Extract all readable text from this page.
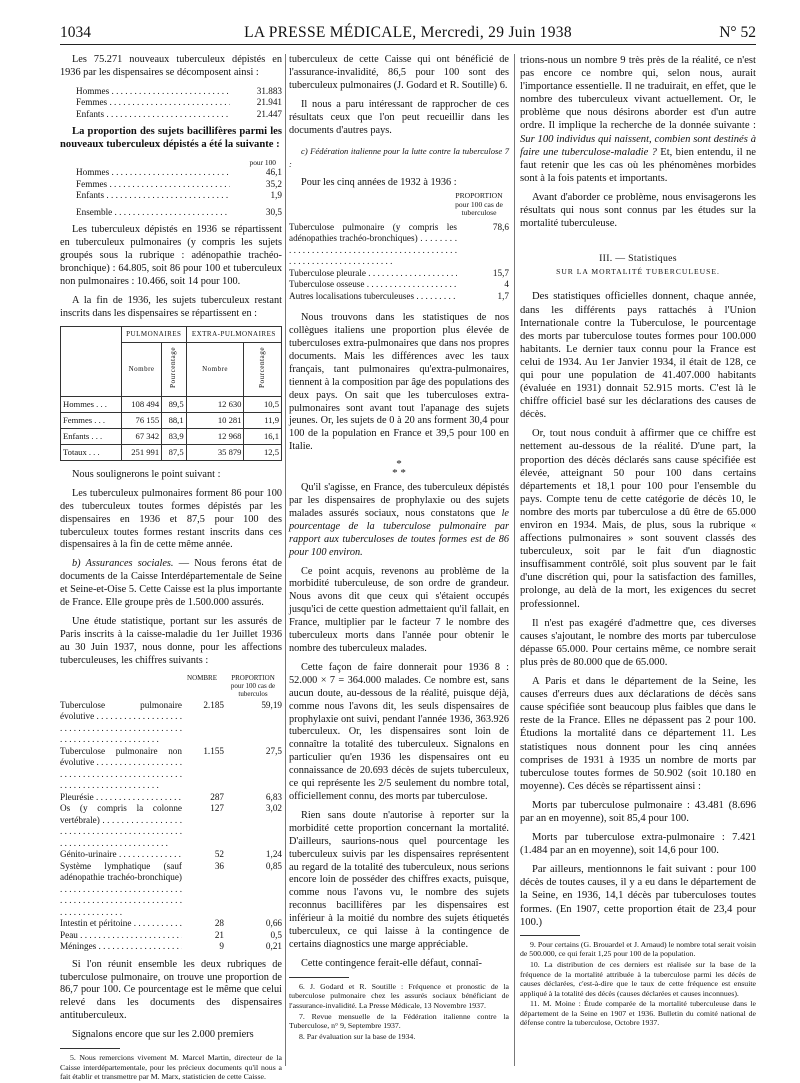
1034	LA PRESSE MÉDICALE, Mercredi, 29 Juin 1938	N° 52

Les 75.271 nouveaux tuberculeux dépistés en 1936 par les dispensaires se décomposent ainsi :

Hommes . . .	31.883
Femmes . . .	21.941
Enfants . . .	21.447

La proportion des sujets bacillifères parmi les nouveaux tuberculeux dépistés a été la suivante :

pour 100
Hommes . . .	46,1
Femmes . . .	35,2
Enfants . . .	1,9
Ensemble . . .	30,5

Les tuberculeux dépistés en 1936 se répartissent en tuberculeux pulmonaires (y compris les sujets groupés sous la rubrique : adénopathie trachéo-bronchique) : 64.805, soit 86 pour 100 et tuberculeux non pulmonaires : 10.466, soit 14 pour 100.

A la fin de 1936, les sujets tuberculeux restant inscrits dans les dispensaires se répartissent en :

	PULMONAIRES		EXTRA-PULMONAIRES	
	Nombre	Pourcentage	Nombre	Pourcentage
Hommes . . .	108 494	89,5	12 630	10,5
Femmes . . .	76 155	88,1	10 281	11,9
Enfants . . .	67 342	83,9	12 968	16,1
Totaux . . .	251 991	87,5	35 879	12,5

Nous soulignerons le point suivant :

Les tuberculeux pulmonaires forment 86 pour 100 des tuberculeux toutes formes dépistés par les dispensaires en 1936 et 87,5 pour 100 des tuberculeux toutes formes restant inscrits dans ces dispensaires à la fin de cette même année.

b) Assurances sociales. — Nous ferons état de documents de la Caisse Interdépartementale de Seine et Seine-et-Oise 5. Cette Caisse est la plus importante de France. Elle groupe près de 1.500.000 assurés.

Une étude statistique, portant sur les assurés de Paris inscrits à la caisse-maladie du 1er Juillet 1936 au 30 Juin 1937, nous donne, pour les affections tuberculeuses, les chiffres suivants :

NOMBRE	PROPORTION pour 100 cas de tuberculos
Tuberculose pulmonaire évolutive . . .
2.185	59,19
Tuberculose pulmonaire non évolutive . . .
1.155	27,5
Pleurésie . . .	287	6,83
Os (y compris la colonne vertébrale) . . .
127	3,02
Génito-urinaire . . .	52	1,24
Système lymphatique (sauf adénopathie trachéo-bronchique) . . .
36	0,85
Intestin et péritoine . . .	28	0,66
Peau . . .	21	0,5
Méninges . . .	9	0,21

Si l'on réunit ensemble les deux rubriques de tuberculose pulmonaire, on trouve une proportion de 86,7 pour 100. Ce pourcentage est le même que celui relevé dans les documents des dispensaires antituberculeux.

Signalons encore que sur les 2.000 premiers

5. Nous remercions vivement M. Marcel Martin, directeur de la Caisse interdépartementale, pour les précieux documents qu'il nous a fait établir et transmettre par M. Marx, statisticien de cette Caisse.

tuberculeux de cette Caisse qui ont bénéficié de l'assurance-invalidité, 86,5 pour 100 sont des tuberculeux pulmonaires (J. Godard et R. Soutille) 6.

Il nous a paru intéressant de rapprocher de ces résultats ceux que l'on peut recueillir dans les documents d'autres pays.

c) Fédération italienne pour la lutte contre la tuberculose 7 :

Pour les cinq années de 1932 à 1936 :

PROPORTION pour 100 cas de tuberculose
Tuberculose pulmonaire (y compris les adénopathies trachéo-bronchiques) . . .
78,6
Tuberculose pleurale . . .	15,7
Tuberculose osseuse . . .	4
Autres localisations tuberculeuses . . .	1,7

Nous trouvons dans les statistiques de nos collègues italiens une proportion plus élevée de tuberculoses extra-pulmonaires que dans nos propres documents. Mais les différences avec les taux français, tant pulmonaires qu'extra-pulmonaires, tiennent à la composition par âge des populations des deux pays. On sait que les tuberculoses extra-pulmonaires sont avant tout l'apanage des sujets jeunes. Or, les sujets de 0 à 20 ans forment 30,4 pour 100 de la population en France et 39,5 pour 100 en Italie.

*
* *

Qu'il s'agisse, en France, des tuberculeux dépistés par les dispensaires de prophylaxie ou des sujets malades assurés sociaux, nous constatons que le pourcentage de la tuberculose pulmonaire par rapport aux tuberculoses de toutes formes est de 86 pour 100 environ.

Ce point acquis, revenons au problème de la morbidité tuberculeuse, de son ordre de grandeur. Nous avons dit que ceux qui s'étaient occupés jusqu'ici de cette question admettaient qu'il fallait, en France, multiplier par le facteur 7 le nombre des tuberculeux morts dans l'année pour obtenir le nombre des tuberculeux malades.

Cette façon de faire donnerait pour 1936 8 : 52.000 × 7 = 364.000 malades. Ce nombre est, sans aucun doute, au-dessous de la réalité, puisque déjà, comme nous l'avons dit, les seuls dispensaires de prophylaxie ont suivi, pendant l'année 1936, 363.926 tuberculeux. Or, les dispensaires sont loin de connaître la totalité des tuberculeux. Signalons en particulier qu'en 1936 les dispensaires ont eu connaissance de 20.693 décès de sujets tuberculeux, ce qui représente les 2/5 seulement du nombre total, officiellement connu, des morts par tuberculose.

Rien sans doute n'autorise à reporter sur la morbidité cette proportion concernant la mortalité. D'ailleurs, saurions-nous quel pourcentage les tuberculeux suivis par les dispensaires représentent au regard de la totalité des tuberculeux, nous serions encore loin de posséder des chiffres exacts, puisque, comme nous l'avons vu, le nombre des sujets reconnus bacillifères par les dispensaires est inférieur à la moitié du nombre des sujets étiquetés tuberculeux, ce qui laisse à la contingence de certains diagnostics une marge appréciable.

Cette contingence ferait-elle défaut, connaî-

6. J. Godard et R. Soutille : Fréquence et pronostic de la tuberculose pulmonaire chez les assurés sociaux bénéficiant de l'assurance-invalidité. La Presse Médicale, 13 Novembre 1937.

7. Revue mensuelle de la Fédération italienne contre la Tuberculose, n° 9, Septembre 1937.

8. Par évaluation sur la base de 1934.

trions-nous un nombre 9 très près de la réalité, ce n'est pas encore ce nombre qui, selon nous, aurait l'importance essentielle. Il ne traduirait, en effet, que le nombre des tuberculeux vivant actuellement. Or, le problème que nous désirons aborder est d'un autre ordre. Il implique la recherche de la donnée suivante : Sur 100 individus qui naissent, combien sont destinés à faire une tuberculose-maladie ? Et, bien entendu, il ne faut retenir que les cas où les phénomènes morbides sont à la fois patents et importants.

Avant d'aborder ce problème, nous envisagerons les résultats qui nous sont connus par les études sur la mortalité tuberculeuse.

III. — Statistiques
SUR LA MORTALITÉ TUBERCULEUSE.

Des statistiques officielles donnent, chaque année, dans les différents pays rattachés à l'Union Internationale contre la Tuberculose, le pourcentage des morts par tuberculose toutes formes pour 100.000 habitants. Le dernier taux connu pour la France est celui de 1934. Au 1er Janvier 1934, il était de 128, ce qui pour une population de 41.407.000 habitants (évaluée en 1931) donnait 52.915 morts. C'est là le chiffre officiel basé sur les déclarations des causes de décès.

Or, tout nous conduit à affirmer que ce chiffre est nettement au-dessous de la réalité. D'une part, la proportion des décès déclarés sans cause spécifiée est élevée, atteignant 50 pour 100 dans certains départements et 18,1 pour 100 pour l'ensemble du pays. Compte tenu de cette catégorie de décès 10, le nombre des morts par tuberculose a dû être de 65.000 environ en 1934. Mais, de plus, sous la rubrique « affections pulmonaires » sont souvent classés des tuberculeux, soit par le fait d'un diagnostic insuffisamment contrôlé, soit plus souvent par le fait d'une discrétion qui, pour la satisfaction des familles, prolonge, au delà de la mort, les exigences du secret professionnel.

Il n'est pas exagéré d'admettre que, ces diverses causes s'ajoutant, le nombre des morts par tuberculose dépasse 65.000. Pour certains même, ce nombre serait plus près de 80.000 que de 65.000.

A Paris et dans le département de la Seine, les causes d'erreurs dues aux déclarations de décès sans cause spécifiée sont beaucoup plus faibles que dans le reste de la France. Elles ne dépassent pas 2 pour 100. Étudions la mortalité dans ce département 11. Les statistiques nous donnent pour les cinq années comprises de 1931 à 1935 un nombre de morts par tuberculose toutes formes de 50.902 (soit 10.180 en moyenne). Ces décès se répartissent ainsi :

Morts par tuberculose pulmonaire : 43.481 (8.696 par an en moyenne), soit 85,4 pour 100.

Morts par tuberculose extra-pulmonaire : 7.421 (1.484 par an en moyenne), soit 14,6 pour 100.

Par ailleurs, mentionnons le fait suivant : pour 100 décès de toutes causes, il y a eu dans le département de la Seine, en 1936, 14,1 décès par tuberculoses toutes formes. (En 1907, cette proportion était de 23,4 pour 100.)

9. Pour certains (G. Brouardel et J. Arnaud) le nombre total serait voisin de 500.000, ce qui ferait 1,25 pour 100 de la population.

10. La distribution de ces derniers est réalisée sur la base de la fréquence de la mortalité attribuée à la tuberculose parmi les décès de causes déclarées, c'est-à-dire que le taux de cette fréquence est ensuite appliqué à la totalité des décès (causes déclarées et causes inconnues).

11. M. Moine : Étude comparée de la mortalité tuberculeuse dans le département de la Seine en 1907 et 1936. Bulletin du comité national de défense contre la tuberculose, Octobre 1937.
